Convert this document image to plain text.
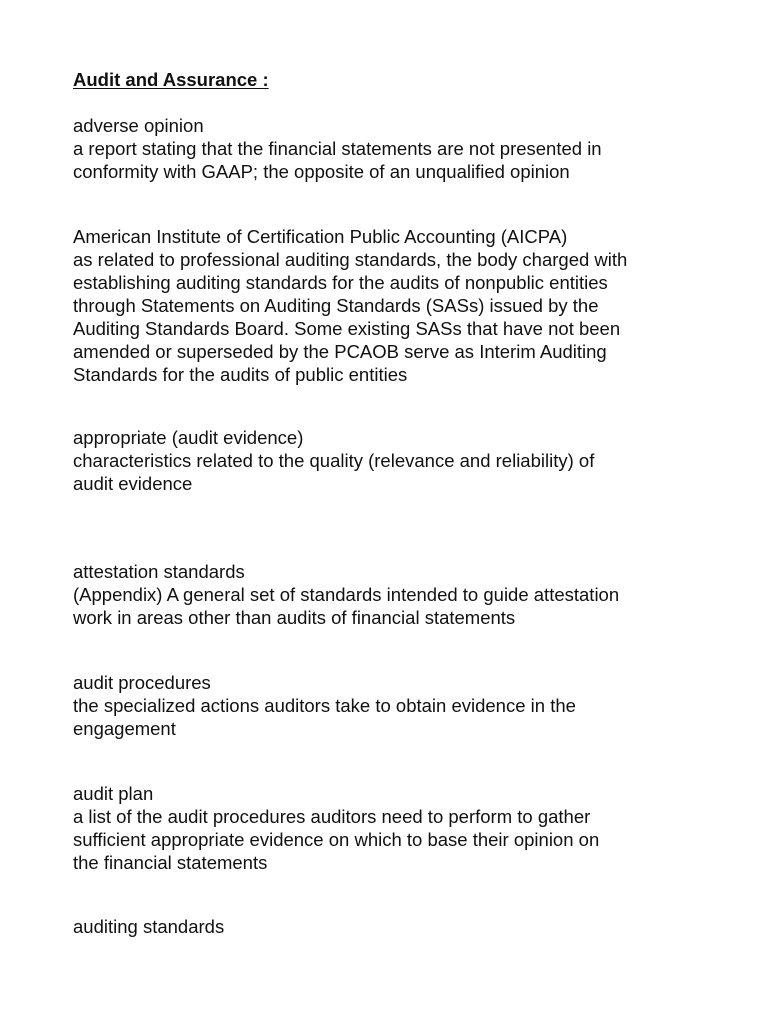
Audit and Assurance :
adverse opinion
a report stating that the financial statements are not presented in
conformity with GAAP; the opposite of an unqualified opinion
American Institute of Certification Public Accounting (AICPA)
as related to professional auditing standards, the body charged with
establishing auditing standards for the audits of nonpublic entities
through Statements on Auditing Standards (SASs) issued by the
Auditing Standards Board. Some existing SASs that have not been
amended or superseded by the PCAOB serve as Interim Auditing
Standards for the audits of public entities
appropriate (audit evidence)
characteristics related to the quality (relevance and reliability) of
audit evidence
attestation standards
(Appendix) A general set of standards intended to guide attestation
work in areas other than audits of financial statements
audit procedures
the specialized actions auditors take to obtain evidence in the
engagement
audit plan
a list of the audit procedures auditors need to perform to gather
sufficient appropriate evidence on which to base their opinion on
the financial statements
auditing standards
